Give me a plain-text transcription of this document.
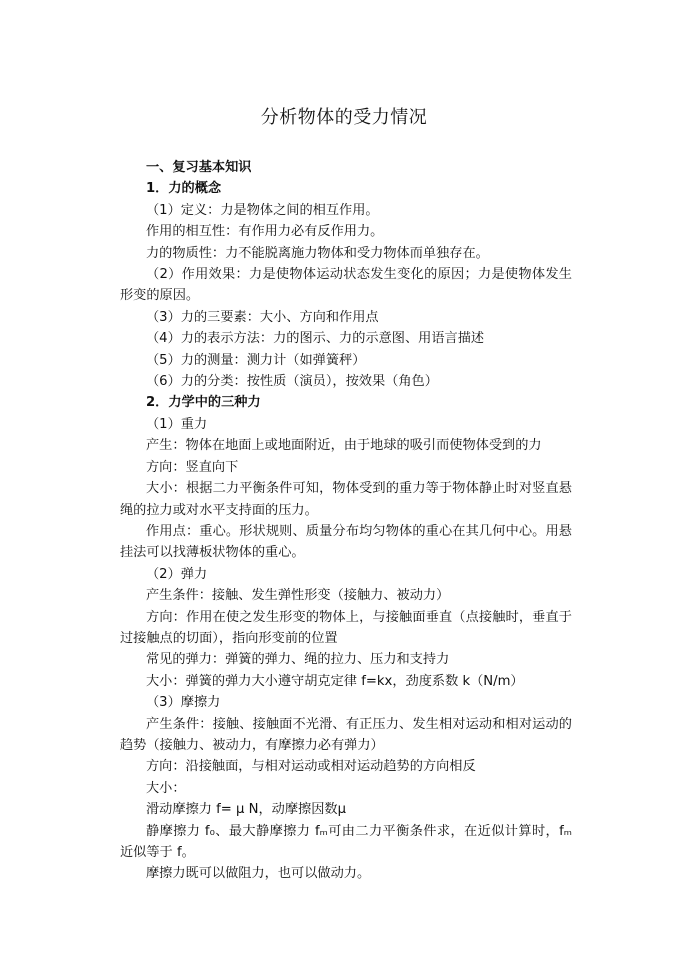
分析物体的受力情况

一、复习基本知识

1．力的概念

（1）定义：力是物体之间的相互作用。

作用的相互性：有作用力必有反作用力。

力的物质性：力不能脱离施力物体和受力物体而单独存在。

（2）作用效果：力是使物体运动状态发生变化的原因；力是使物体发生形变的原因。

（3）力的三要素：大小、方向和作用点

（4）力的表示方法：力的图示、力的示意图、用语言描述

（5）力的测量：测力计（如弹簧秤）

（6）力的分类：按性质（演员），按效果（角色）

2．力学中的三种力

（1）重力

产生：物体在地面上或地面附近，由于地球的吸引而使物体受到的力

方向：竖直向下

大小：根据二力平衡条件可知，物体受到的重力等于物体静止时对竖直悬绳的拉力或对水平支持面的压力。

作用点：重心。形状规则、质量分布均匀物体的重心在其几何中心。用悬挂法可以找薄板状物体的重心。

（2）弹力

产生条件：接触、发生弹性形变（接触力、被动力）

方向：作用在使之发生形变的物体上，与接触面垂直（点接触时，垂直于过接触点的切面），指向形变前的位置

常见的弹力：弹簧的弹力、绳的拉力、压力和支持力

大小：弹簧的弹力大小遵守胡克定律 f=kx，劲度系数 k（N/m）

（3）摩擦力

产生条件：接触、接触面不光滑、有正压力、发生相对运动和相对运动的趋势（接触力、被动力，有摩擦力必有弹力）

方向：沿接触面，与相对运动或相对运动趋势的方向相反

大小：

滑动摩擦力 f= μ N，动摩擦因数μ

静摩擦力 f₀、最大静摩擦力 fₘ可由二力平衡条件求，在近似计算时，fₘ近似等于 f。

摩擦力既可以做阻力，也可以做动力。
